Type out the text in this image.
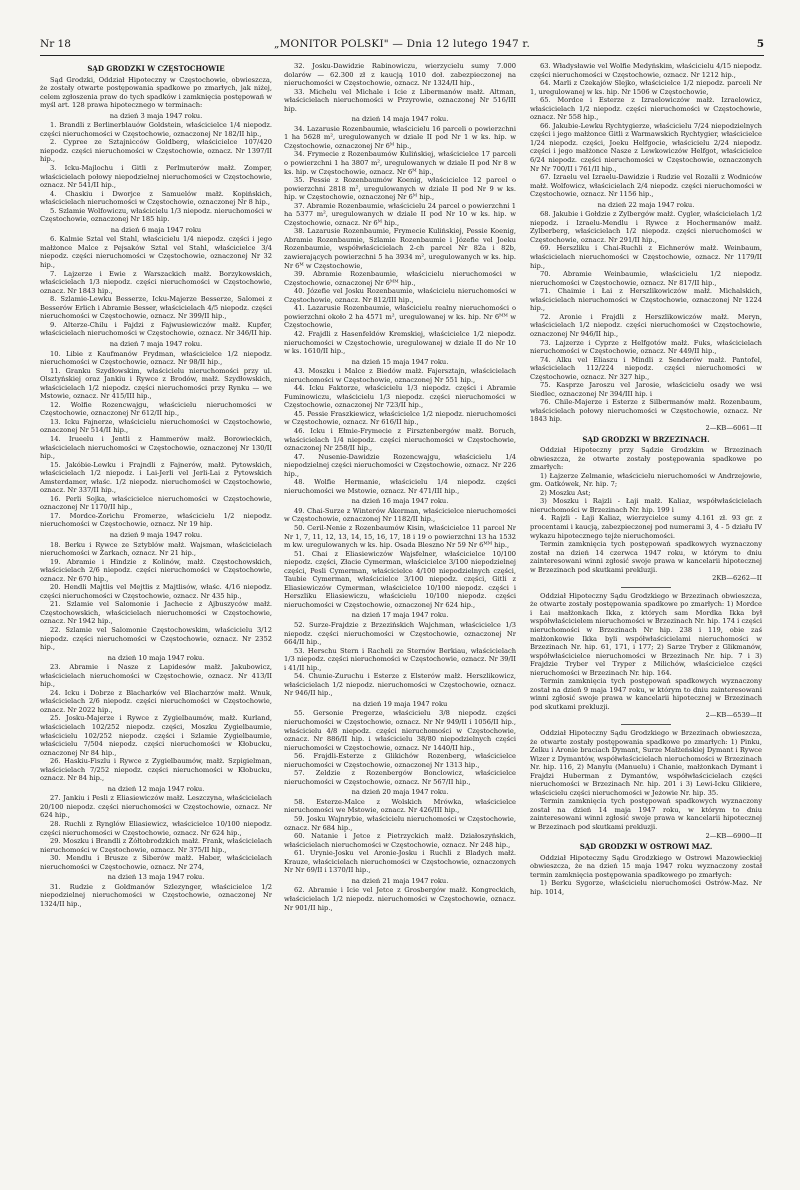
Nr 18	„MONITOR POLSKI" — Dnia 12 lutego 1947 r.	5

SĄD GRODZKI W CZĘSTOCHOWIE

Sąd Grodzki, Oddział Hipoteczny w Częstochowie, obwieszcza, że zostały otwarte postępowania spadkowe po zmarłych, jak niżej, celem zgłoszenia praw do tych spadków i zamknięcia postępowań w myśl art. 128 prawa hipotecznego w terminach:

na dzień 3 maja 1947 roku.

1. Brandli z Berlinerblauów Goldstein, właścicielce 1/4 niepodz. części nieruchomości w Częstochowie, oznaczonej Nr 182/II hip.,

2. Cypree ze Sztajnicców Goldberg, właścicielce 107/420 niepodz. części nieruchomości w Częstochowie, oznacz. Nr 1397/II hip.,

3. Icku-Majlochu i Gitli z Perlmuterów małż. Zomper, właścicielach połowy niepodzielnej nieruchomości w Częstochowie, oznacz. Nr 541/II hip.,

4. Chaskiu i Dworjce z Samuelów małż. Kopińskich, właścicielach nieruchomości w Częstochowie, oznaczonej Nr 8 hip.,

5. Szlamie Wolfowiczu, właścicielu 1/3 niepodz. nieruchomości w Częstochowie, oznaczonej Nr 185 hip.

na dzień 6 maja 1947 roku

6. Kalmie Sztal vel Stahl, właścicielu 1/4 niepodz. części i jego małżonce Malce z Pejsaków Sztal vel Stahl, właścicielce 3/4 niepodz. części nieruchomości w Częstochowie, oznaczonej Nr 32 hip.,

7. Lajzerze i Ewie z Warszackich małż. Borzykowskich, właścicielach 1/3 niepodz. części nieruchomości w Częstochowie, oznacz. Nr 1843 hip.,

8. Szlamie-Lewku Besserze, Icku-Majerze Besserze, Salomei z Besserów Erlich i Abramie Besser, właścicielach 4/5 niepodz. części nieruchomości w Częstochowie, oznacz. Nr 399/II hip.,

9. Alterze-Chilu i Fajdzi z Fajwusiewiczów małż. Kupfer, właścicielach nieruchomości w Częstochowie, oznacz. Nr 346/II hip.

na dzień 7 maja 1947 roku.

10. Libie z Kaufmanów Frydman, właścicielce 1/2 niepodz. nieruchomości w Częstochowie, oznacz. Nr 98/II hip.,

11. Granku Szydłowskim, właścicielu nieruchomości przy ul. Olsztyńskiej oraz Jankiu i Rywce z Brodów, małż. Szydłowskich, właścicielach 1/2 niepodz. części nieruchomości przy Rynku — we Mstowie, oznacz. Nr 415/III hip.,

12. Wolfie Rozencwajgu, właścicielu nieruchomości w Częstochowie, oznaczonej Nr 612/II hip.,

13. Icku Fajnerze, właścicielu nieruchomości w Częstochowie, oznaczonej Nr 514/II hip.,

14. Irueelu i Jentli z Hammerów małż. Borowieckich, właścicielach nieruchomości w Częstochowie, oznaczonej Nr 130/II hip.,

15. Jakóbie-Lewku i Frajndli z Fajnerów, małż. Pytowskich, właścicielach 1/2 niepodz. i Lai-Jerli vel Jerli-Lai z Pytowskich Amsterdamer, właśc. 1/2 niepodz. nieruchomości w Częstochowie, oznacz. Nr 337/II hip.,

16. Perli Sojka, właścicielce nieruchomości w Częstochowie, oznaczonej Nr 1170/II hip.,

17. Mordce-Zorichu Fromerze, właścicielu 1/2 niepodz. nieruchomości w Częstochowie, oznacz. Nr 19 hip.

na dzień 9 maja 1947 roku.

18. Berku i Rywce ze Sztyblów małż. Wajsman, właścicielach nieruchomości w Żarkach, oznacz. Nr 21 hip.,

19. Abramie i Hindzie z Kolinów, małż. Częstochowskich, właścicielach 2/6 niepodz. części nieruchomości w Częstochowie, oznacz. Nr 670 hip.,

20. Hendli Majtlis vel Mejtlis z Majtlisów, właśc. 4/16 niepodz. części nieruchomości w Częstochowie, oznacz. Nr 435 hip.,

21. Szlamie vel Salomonie i Jachecie z Ajbuszyców małż. Częstochowskich, właścicielach nieruchomości w Częstochowie, oznacz. Nr 1942 hip.,

22. Szlamie vel Salomonie Częstochowskim, właścicielu 3/12 niepodz. części nieruchomości w Częstochowie, oznacz. Nr 2352 hip.,

na dzień 10 maja 1947 roku.

23. Abramie i Nasze z Lapidesów małż. Jakubowicz, właścicielach nieruchomości w Częstochowie, oznacz. Nr 413/II hip.,

24. Icku i Dobrze z Blacharków vel Blacharzów małż. Wnuk, właścicielach 2/6 niepodz. części nieruchomości w Częstochowie, oznacz. Nr 2022 hip.,

25. Josku-Majerze i Rywce z Zygielbaumów, małż. Kurland, właścicielach 102/252 niepodz. części, Moszku Zygielbaumie, właścicielu 102/252 niepodz. części i Szlamie Zygielbaumie, właścicielu 7/504 niepodz. części nieruchomości w Kłobucku, oznaczonej Nr 84 hip.,

26. Haskiu-Fiszlu i Rywce z Zygielbaumów, małż. Szpigielman, właścicielach 7/252 niepodz. części nieruchomości w Kłobucku, oznacz. Nr 84 hip.,

na dzień 12 maja 1947 roku.

27. Jankiu i Pesli z Eliasiewiczów małż. Leszczyna, właścicielach 20/100 niepodz. części nieruchomości w Częstochowie, oznacz. Nr 624 hip.,

28. Ruchli z Rynglów Eliasiewicz, właścicielce 10/100 niepodz. części nieruchomości w Częstochowie, oznacz. Nr 624 hip.,

29. Moszku i Brandli z Żółtobrodzkich małż. Frank, właścicielach nieruchomości w Częstochowie, oznacz. Nr 375/II hip.,

30. Mendlu i Brusze z Siberów małż. Haber, właścicielach nieruchomości w Częstochowie, oznacz. Nr 274,

na dzień 13 maja 1947 roku.

31. Rudzie z Goldmanów Szlezynger, właścicielce 1/2 niepodzielnej nieruchomości w Częstochowie, oznaczonej Nr 1324/II hip.,

32. Josku-Dawidzie Rabinowiczu, wierzycielu sumy 7.000 dolarów — 62.300 zł z kaucją 1010 doł. zabezpieczonej na nieruchomości w Częstochowie, oznacz. Nr 1324/II hip.,

33. Michelu vel Michale i Icie z Libermanów małż. Altman, właścicielach nieruchomości w Przyrowie, oznaczonej Nr 516/III hip.

na dzień 14 maja 1947 roku.

34. Lazarusie Rozenbaumie, właścicielu 16 parceli o powierzchni 1 ha 5628 m², uregulowanych w dziale II pod Nr 1 w ks. hip. w Częstochowie, oznaczonej Nr 6ᴹ hip.,

34. Frymecie z Rozenbaumów Kulińskiej, właścicielce 17 parceli o powierzchni 1 ha 3807 m², uregulowanych w dziale II pod Nr 8 w ks. hip. w Częstochowie, oznacz. Nr 6ᴹ hip.,

35. Pessie z Rozenbaumów Koenig, właścicielce 12 parcel o powierzchni 2818 m², uregulowanych w dziale II pod Nr 9 w ks. hip. w Częstochowie, oznaczonej Nr 6ᴹ hip.,

37. Abramie Rozenbaumie, właścicielu 24 parcel o powierzchni 1 ha 5377 m², uregulowanych w dziale II pod Nr 10 w ks. hip. w Częstochowie, oznacz. Nr 6ᴹ hip.,

38. Lazarusie Rozenbaumie, Frymecie Kulińskiej, Pessie Koenig, Abramie Rozenbaumie, Szlamie Rozenbaumie i Józefie vel Joeku Rozenbaumie, współwłaścicielach 2-ch parcel Nr 82a i 82b, zawierających powierzchni 5 ha 3934 m², uregulowanych w ks. hip. Nr 6ᴹ w Częstochowie,

39. Abramie Rozenbaumie, właścicielu nieruchomości w Częstochowie, oznaczonej Nr 6ᴹᴹ hip.,

40. Józefie vel Josku Rozenbaumie, właścicielu nieruchomości w Częstochowie, oznacz. Nr 812/III hip.,

41. Lazarusie Rozenbaumie, właścicielu realny nieruchomości o powierzchni około 2 ha 4571 m², uregulowanej w ks. hip. Nr 6ᴹᴹ w Częstochowie,

42. Frajdli z Hasenfeldów Kremskiej, właścicielce 1/2 niepodz. nieruchomości w Częstochowie, uregulowanej w dziale II do Nr 10 w ks. 1610/II hip.,

na dzień 15 maja 1947 roku.

43. Moszku i Malce z Biedów małż. Fajersztajn, właścicielach nieruchomości w Częstochowie, oznaczonej Nr 551 hip.,

44. Icku Faktorze, właścicielu 1/3 niepodz. części i Abramie Fuminowiczu, właścicielu 1/3 niepodz. części nieruchomości w Częstochowie, oznaczonej Nr 723/II hip.,

45. Pessie Fraszkiewicz, właścicielce 1/2 niepodz. nieruchomości w Częstochowie, oznacz. Nr 616/II hip.,

46. Icku i Ełmie-Frymecie z Firsztenbergów małż. Boruch, właścicielach 1/4 niepodz. części nieruchomości w Częstochowie, oznaczonej Nr 258/II hip.,

47. Nusenie-Dawidzie Rozencwajgu, właścicielu 1/4 niepodzielnej części nieruchomości w Częstochowie, oznacz. Nr 226 hip.,

48. Wolfie Hermanie, właścicielu 1/4 niepodz. części nieruchomości we Mstowie, oznacz. Nr 471/III hip.,

na dzień 16 maja 1947 roku.

49. Chai-Surze z Winterów Akerman, właścicielce nieruchomości w Częstochowie, oznaczonej Nr 1182/II hip.,

50. Ceril-Nenie z Rozenbaumów Kisin, właścicielce 11 parcel Nr Nr 1, 7, 11, 12, 13, 14, 15, 16, 17, 18 i 19 o powierzchni 13 ha 1532 m kw. uregulowanych w ks. hip. Osada Bleszno Nr 59 Nr 6ᴹᴹ hip.,

51. Chai z Eliasiewiczów Wajsfelner, właścicielce 10/100 niepodz. części, Złacie Cymerman, właścicielce 3/100 niepodzielnej części, Pesli Cymerman, właścicielce 4/100 niepodzielnych części, Taubie Cymerman, właścicielce 3/100 niepodz. części, Gitli z Eliasiewiczów Cymerman, właścicielce 10/100 niepodz. części i Herszliku Eliasiewiczu, właścicielu 10/100 niepodz. części nieruchomości w Częstochowie, oznaczonej Nr 624 hip.,

na dzień 17 maja 1947 roku.

52. Surze-Frajdzie z Brzezińskich Wajchman, właścicielce 1/3 niepodz. części nieruchomości w Częstochowie, oznaczonej Nr 664/II hip.,

53. Herschu Stern i Racheli ze Sternów Berkiau, właścicielach 1/3 niepodz. części nieruchomości w Częstochowie, oznacz. Nr 39/II i 41/II hip.,

54. Chunie-Zuruchu i Esterze z Elsterów małż. Herszlikowicz, właścicielach 1/2 niepodz. nieruchomości w Częstochowie, oznacz. Nr 946/II hip.,

na dzień 19 maja 1947 roku

55. Gersonie Pregerze, właścicielu 3/8 niepodz. części nieruchomości w Częstochowie, oznacz. Nr Nr 949/II i 1056/II hip., właścicielu 4/8 niepodz. części nieruchomości w Częstochowie, oznacz. Nr 886/II hip. i właścicielu 38/80 niepodzielnych części nieruchomości w Częstochowie, oznacz. Nr 1440/II hip.,

56. Frajdli-Esterze z Glikichów Rozenberg, właścicielce nieruchomości w Częstochowie, oznaczonej Nr 1313 hip.,

57. Zeldzie z Rozenbergów Bonclowicz, właścicielce nieruchomości w Częstochowie, oznacz. Nr 567/II hip.,

na dzień 20 maja 1947 roku.

58. Esterze-Malce z Wolskich Mrówka, właścicielce nieruchomości we Mstowie, oznacz. Nr 426/III hip.,

59. Josku Wajnrybie, właścicielu nieruchomości w Częstochowie, oznacz. Nr 684 hip.,

60. Natanie i Jetce z Pietrzyckich małż. Działoszyńskich, właścicielach nieruchomości w Częstochowie, oznacz. Nr 248 hip.,

61. Urynie-Josku vel Aronie-Josku i Ruchli z Bladych małż. Krauze, właścicielach nieruchomości w Częstochowie, oznaczonych Nr Nr 69/II i 1370/II hip.,

na dzień 21 maja 1947 roku.

62. Abramie i Icie vel Jetce z Grosbergów małż. Kongreckich, właścicielach 1/2 niepodz. nieruchomości w Częstochowie, oznacz. Nr 901/II hip.,

63. Władysławie vel Wolfie Medyńskim, właścicielu 4/15 niepodz. części nieruchomości w Częstochowie, oznacz. Nr 1212 hip.,

64. Marli z Czekajów Slejko, właścicielce 1/2 niepodz. parceli Nr 1, uregulowanej w ks. hip. Nr 1506 w Częstochowie,

65. Mordce i Esterze z Izraelowiczów małż. Izraelowicz, właścicielach 1/2 niepodz. części nieruchomości w Częstochowie, oznacz. Nr 558 hip.,

66. Jakubie-Lewku Rychtygierze, właścicielu 7/24 niepodzielnych części i jego małżonce Gitli z Warmawskich Rychtygier, właścicielce 1/24 niepodz. części, Joeku Helfgocie, właścicielu 2/24 niepodz. części i jego małżonce Nasze z Lewkowiczów Helfgot, właścicielce 6/24 niepodz. części nieruchomości w Częstochowie, oznaczonych Nr Nr 700/II i 761/II hip.,

67. Izraelu vel Izraelu-Dawidzie i Rudzie vel Rozalii z Wodniców małż. Wolfowicz, właścicielach 2/4 niepodz. części nieruchomości w Częstochowie, oznacz. Nr 1156 hip.,

na dzień 22 maja 1947 roku.

68. Jakubie i Gołdzie z Zylbergów małż. Cygler, właścicielach 1/2 niepodz. i Izraelu-Mendlu i Rywce z Hochermanów małż. Zylberberg, właścicielach 1/2 niepodz. części nieruchomości w Częstochowie, oznacz. Nr 291/II hip.,

69. Herszliku i Chai-Ruchli z Eichnerów małż. Weinbaum, właścicielach nieruchomości w Częstochowie, oznacz. Nr 1179/II hip.,

70. Abramie Weinbaumie, właścicielu 1/2 niepodz. nieruchomości w Częstochowie, oznacz. Nr 817/II hip.,

71. Chaimie i Łai z Herszlikowiczów małż. Michalskich, właścicielach nieruchomości w Częstochowie, oznaczonej Nr 1224 hip.,

72. Aronie i Frajdli z Herszlikowiczów małż. Meryn, właścicielach 1/2 niepodz. części nieruchomości w Częstochowie, oznaczonej Nr 946/II hip.,

73. Lajzerze i Cyprze z Helfgotów małż. Fuks, właścicielach nieruchomości w Częstochowie, oznacz. Nr 449/II hip.,

74. Alku vel Eliaszu i Mindli z Senderów małż. Pantofel, właścicielach 112/224 niepodz. części nieruchomości w Częstochowie, oznacz. Nr 327 hip.,

75. Kasprze Jaroszu vel Jarosie, właścicielu osady we wsi Siedlec, oznaczonej Nr 394/III hip. i

76. Chile-Majerze i Esterze z Silbermanów małż. Rozenbaum, właścicielach połowy nieruchomości w Częstochowie, oznacz. Nr 1843 hip.

2—KB—6061—II

SĄD GRODZKI W BRZEZINACH.

Oddział Hipoteczny przy Sądzie Grodzkim w Brzezinach obwieszcza, że otwarte zostały postępowania spadkowe po zmarłych:

1) Łajzerze Zelmanie, właścicielu nieruchomości w Andrzejowie, gm. Oatkówek, Nr. hip. 7;

2) Moszku Ast;

3) Moszku i Rajzli - Łaji małż. Kaliaz, współwłaścicielach nieruchomości w Brzezinach Nr. hip. 199 i

4. Rajzli - Łaji Kaliaz, wierzycielce sumy 4.161 zł. 93 gr. z procentami i kaucją, zabezpieczonej pod numerami 3, 4 - 5 działu IV wykazu hipotecznego tejże nieruchomości.

Termin zamknięcia tych postępowań spadkowych wyznaczony został na dzień 14 czerwca 1947 roku, w którym to dniu zainteresowani winni zgłosić swoje prawa w kancelarii hipotecznej w Brzezinach pod skutkami prekluzji.

2KB—6262—II

Oddział Hipoteczny Sądu Grodzkiego w Brzezinach obwieszcza, że otwarte zostały postępowania spadkowe po zmarłych: 1) Mordce i Łai małżonkach Ikka, z których sam Mordka Ikka był współwłaścicielem nieruchomości w Brzezinach Nr. hip. 174 i części nieruchomości w Brzezinach Nr hip. 238 i 119, obie zaś małżonkowie Ikka byli współwłaścicielami nieruchomości w Brzezinach Nr. hip. 61, 171, i 177; 2) Sarze Tryber z Glikmanów, współwłaścicielce nieruchomości w Brzezinach Nr. hip. 7 i 3) Frajdzie Tryber vel Tryper z Milichów, właścicielce części nieruchomości w Brzezinach Nr. hip. 164.

Termin zamknięcia tych postępowań spadkowych wyznaczony został na dzień 9 maja 1947 roku, w którym to dniu zainteresowani winni zgłosić swoje prawa w kancelarii hipotecznej w Brzezinach pod skutkami prekluzji.

2—KB—6539—II

Oddział Hipoteczny Sądu Grodzkiego w Brzezinach obwieszcza, że otwarte zostały postępowania spadkowe po zmarłych: 1) Pinku, Zelku i Aronie braciach Dymant, Surze Małżeńskiej Dymant i Rywce Wizer z Dymantów, współwłaścicielach nieruchomości w Brzezinach Nr. hip. 116, 2) Manylu (Manuelu) i Chanie, małżonkach Dymant i Frajdzi Huberman z Dymantów, współwłaścicielach części nieruchomości w Brzezinach Nr. hip. 201 i 3) Lewi-Icku Glikiere, właścicielu części nieruchomości w Jeżowie Nr. hip. 35.

Termin zamknięcia tych postępowań spadkowych wyznaczony został na dzień 14 maja 1947 roku, w którym to dniu zainteresowani winni zgłosić swoje prawa w kancelarii hipotecznej w Brzezinach pod skutkami prekluzji.

2—KB—6900—II

SĄD GRODZKI W OSTROWI MAZ.

Oddział Hipoteczny Sądu Grodzkiego w Ostrowi Mazowieckiej obwieszcza, że na dzień 15 maja 1947 roku wyznaczony został termin zamknięcia postępowania spadkowego po zmarłych:

1) Berku Sygorze, właścicielu nieruchomości Ostrów-Maz. Nr hip. 1014,
